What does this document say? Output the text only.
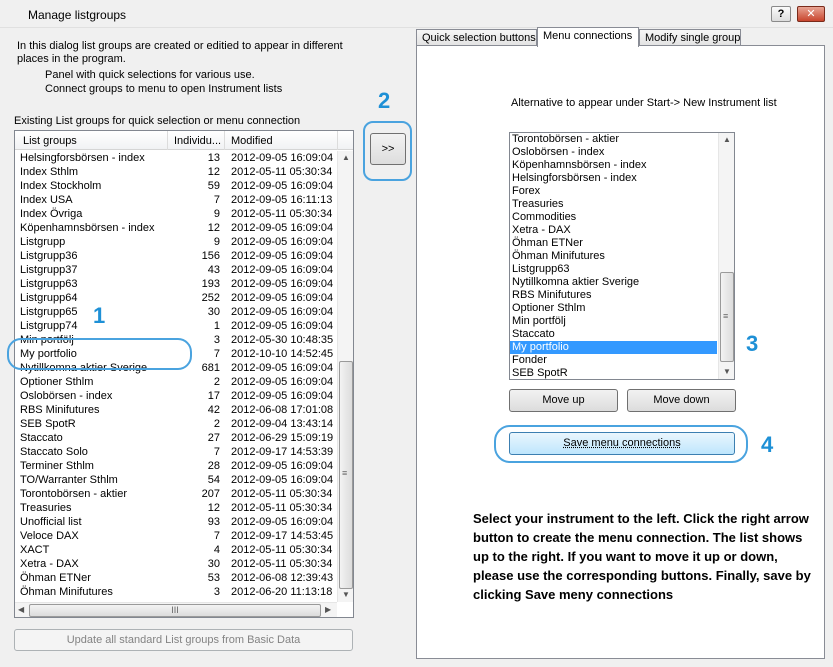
Manage listgroups	?	✕
In this dialog list groups are created or editied to appear in different places in the program.
Panel with quick selections for various use.
Connect groups to menu to open Instrument lists
Existing List groups for quick selection or menu connection
List groups	Individu... Modified
Helsingforsbörsen - index	13 2012-09-05 16:09:04
Index Sthlm	12 2012-05-11 05:30:34
Index Stockholm	59 2012-09-05 16:09:04
Index USA	7 2012-09-05 16:11:13
Index Övriga	9 2012-05-11 05:30:34
Köpenhamnsbörsen - index	12 2012-09-05 16:09:04
Listgrupp	9 2012-09-05 16:09:04
Listgrupp36	156 2012-09-05 16:09:04
Listgrupp37	43 2012-09-05 16:09:04
Listgrupp63	193 2012-09-05 16:09:04
Listgrupp64	252 2012-09-05 16:09:04
Listgrupp65	30 2012-09-05 16:09:04
Listgrupp74	1 2012-09-05 16:09:04
Min portfölj	3 2012-05-30 10:48:35
My portfolio	7 2012-10-10 14:52:45
Nytillkomna aktier Sverige	681 2012-09-05 16:09:04
Optioner Sthlm	2 2012-09-05 16:09:04
Oslobörsen - index	17 2012-09-05 16:09:04
RBS Minifutures	42 2012-06-08 17:01:08
SEB SpotR	2 2012-09-04 13:43:14
Staccato	27 2012-06-29 15:09:19
Staccato Solo	7 2012-09-17 14:53:39
Terminer Sthlm	28 2012-09-05 16:09:04
TO/Warranter Sthlm	54 2012-09-05 16:09:04
Torontobörsen - aktier	207 2012-05-11 05:30:34
Treasuries	12 2012-05-11 05:30:34
Unofficial list	93 2012-09-05 16:09:04
Veloce DAX	7 2012-09-17 14:53:45
XACT	4 2012-05-11 05:30:34
Xetra - DAX	30 2012-05-11 05:30:34
Öhman ETNer	53 2012-06-08 12:39:43
Öhman Minifutures	3 2012-06-20 11:13:18
▲
≡
▼
◀	III	▶
Update all standard List groups from Basic Data
>>
Quick selection buttons Menu connections	Modify single group
Alternative to appear under Start-> New Instrument list
Torontobörsen - aktier
Oslobörsen - index
Köpenhamnsbörsen - index
Helsingforsbörsen - index
Forex
Treasuries
Commodities
Xetra - DAX
Öhman ETNer
Öhman Minifutures
Listgrupp63
Nytillkomna aktier Sverige
RBS Minifutures
Optioner Sthlm
Min portfölj
Staccato
My portfolio
Fonder
SEB SpotR
▲
≡
▼
Move up	Move down
Save menu connections
Select your instrument to the left. Click the right arrow button to create the menu connection. The list shows up to the right. If you want to move it up or down, please use the corresponding buttons. Finally, save by clicking Save meny connections
1
2
3
4
